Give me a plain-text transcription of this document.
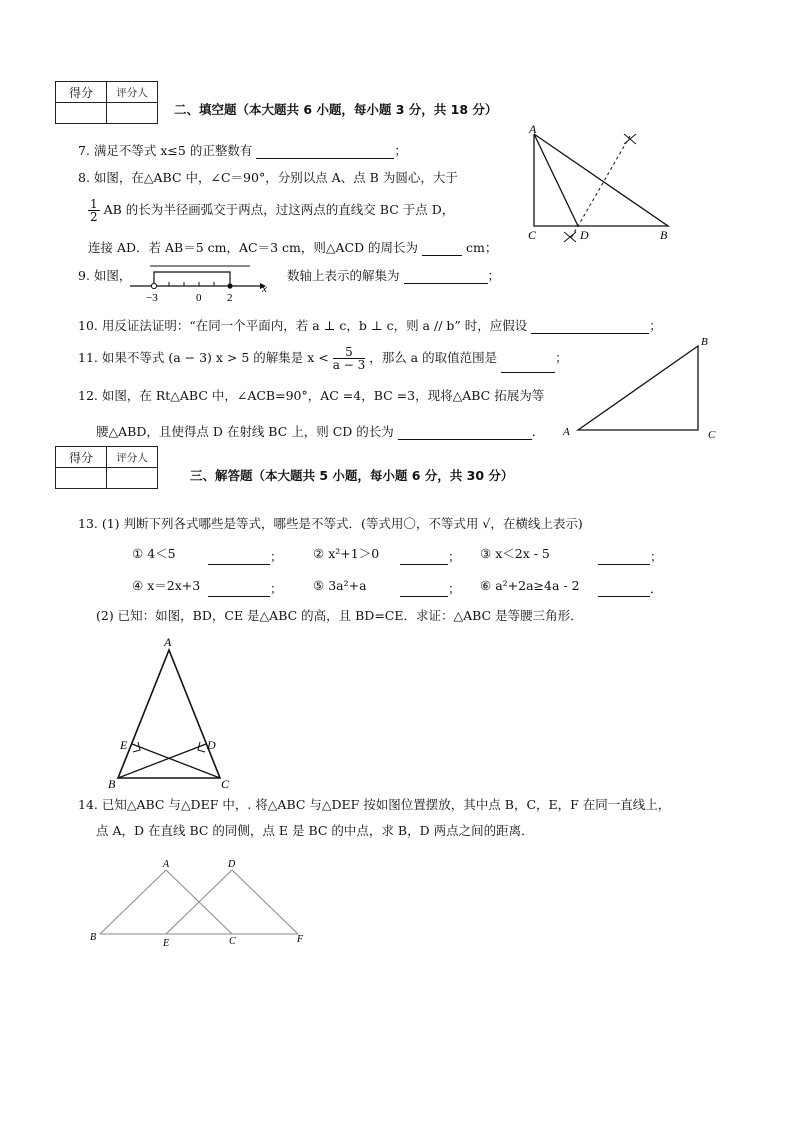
得分	评分人

二、填空题（本大题共 6 小题，每小题 3 分，共 18 分）
7. 满足不等式 x≤5 的正整数有	；
8. 如图，在△ABC 中，∠C＝90°，分别以点 A、点 B 为圆心，大于
$\frac{1}{2}$ AB 的长为半径画弧交于两点，过这两点的直线交 BC 于点 D，
连接 AD．若 AB＝5 cm，AC＝3 cm，则△ACD 的周长为	cm；
A
C	D	B
9. 如图，
−3	0 2
x
数轴上表示的解集为	；
10. 用反证法证明：“在同一个平面内，若 a ⊥ c，b ⊥ c，则 a // b” 时，应假设	；
11. 如果不等式 (a − 3) x > 5 的解集是 $x < \frac{5}{a - 3}$ ，那么 a 的取值范围是	；
12. 如图，在 Rt△ABC 中，∠ACB=90°，AC =4，BC =3，现将△ABC 拓展为等
腰△ABD，且使得点 D 在射线 BC 上，则 CD 的长为	．
B
A	C
得分	评分人

三、解答题（本大题共 5 小题，每小题 6 分，共 30 分）
13. (1) 判断下列各式哪些是等式，哪些是不等式．(等式用〇，不等式用 √，在横线上表示)
① 4＜5	； ② x²+1＞0	； ③ x＜2x - 5	；
④ x＝2x+3	； ⑤ 3a²+a	； ⑥ a²+2a≥4a - 2	．
(2) 已知：如图，BD，CE 是△ABC 的高，且 BD=CE．求证：△ABC 是等腰三角形．
A
E	D
B	C
14. 已知△ABC 与△DEF 中，. 将△ABC 与△DEF 按如图位置摆放，其中点 B，C，E，F 在同一直线上，
点 A，D 在直线 BC 的同侧，点 E 是 BC 的中点，求 B，D 两点之间的距离．
A	D
B
E	C	F
